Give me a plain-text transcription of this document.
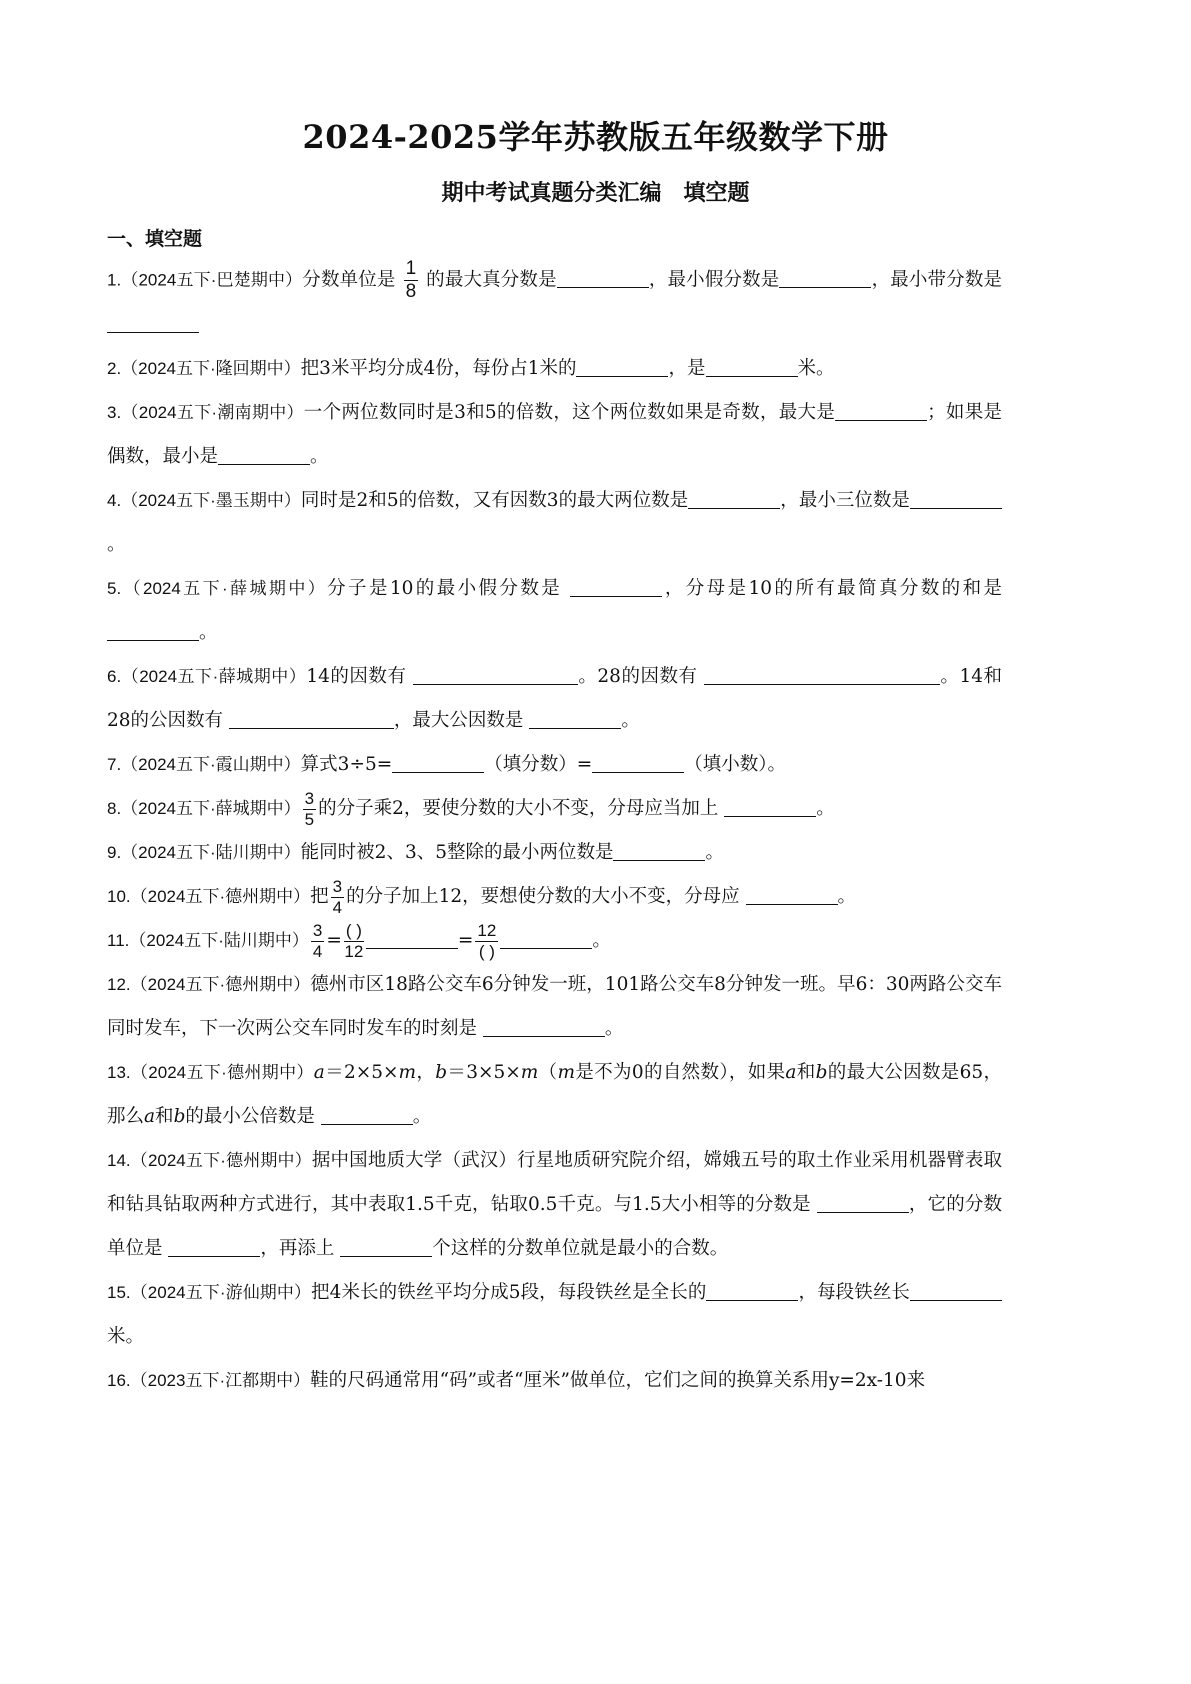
2024-2025学年苏教版五年级数学下册
期中考试真题分类汇编　填空题
一、填空题

1.（2024五下·巴楚期中）分数单位是 $\frac{1}{8}$ 的最大真分数是	，最小假分数是	，最小带分数是

2.（2024五下·隆回期中）把3米平均分成4份，每份占1米的	，是	米。

3.（2024五下·潮南期中）一个两位数同时是3和5的倍数，这个两位数如果是奇数，最大是	；如果是偶数，最小是	。

4.（2024五下·墨玉期中）同时是2和5的倍数，又有因数3的最大两位数是	，最小三位数是。

5.（2024五下·薛城期中）分子是10的最小假分数是	，分母是10的所有最简真分数的和是 。

6.（2024五下·薛城期中）14的因数有	。28的因数有	。14和28的公因数有	，最大公因数是	。

7.（2024五下·霞山期中）算式3÷5=	（填分数）=	（填小数）。

8.（2024五下·薛城期中） $\frac{3}{5}$ 的分子乘2，要使分数的大小不变，分母应当加上	。

9.（2024五下·陆川期中）能同时被2、3、5整除的最小两位数是	。

10.（2024五下·德州期中）把 $\frac{3}{4}$ 的分子加上12，要想使分数的大小不变，分母应	。

11.（2024五下·陆川期中） $\frac{3}{4} = \frac{( )}{12}$	= $\frac{12}{( )}$	。

12.（2024五下·德州期中）德州市区18路公交车6分钟发一班，101路公交车8分钟发一班。早6：30两路公交车同时发车，下一次两公交车同时发车的时刻是	。

13.（2024五下·德州期中）a＝2×5×m，b＝3×5×m（m是不为0的自然数），如果a和b的最大公因数是65，那么a和b的最小公倍数是	。

14.（2024五下·德州期中）据中国地质大学（武汉）行星地质研究院介绍，嫦娥五号的取土作业采用机器臂表取和钻具钻取两种方式进行，其中表取1.5千克，钻取0.5千克。与1.5大小相等的分数是	，它的分数单位是	，再添上	个这样的分数单位就是最小的合数。

15.（2024五下·游仙期中）把4米长的铁丝平均分成5段，每段铁丝是全长的	，每段铁丝长米。

16.（2023五下·江都期中）鞋的尺码通常用“码”或者“厘米”做单位，它们之间的换算关系用y=2x-10来
